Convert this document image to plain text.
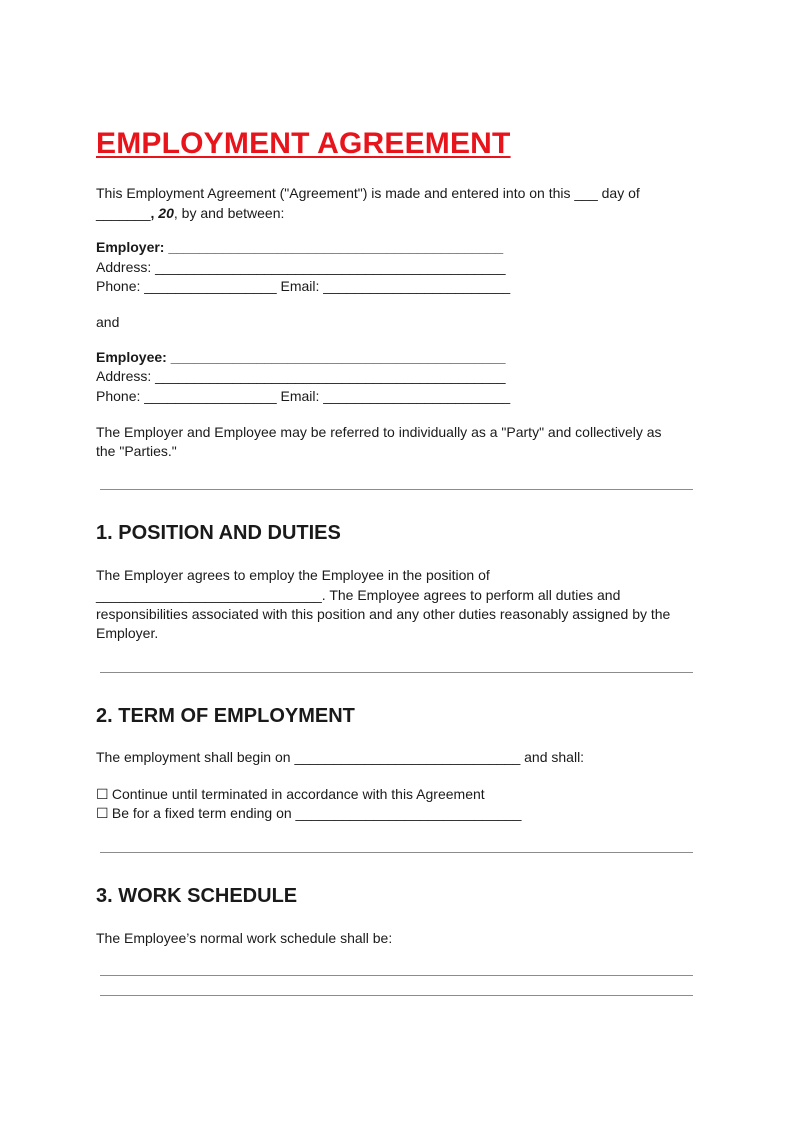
EMPLOYMENT AGREEMENT
This Employment Agreement ("Agreement") is made and entered into on this ___ day of
_______, 20, by and between:
Employer: ___________________________________________
Address: _____________________________________________
Phone: _________________ Email: ________________________
and
Employee: ___________________________________________
Address: _____________________________________________
Phone: _________________ Email: ________________________
The Employer and Employee may be referred to individually as a "Party" and collectively as
the "Parties."
1. POSITION AND DUTIES
The Employer agrees to employ the Employee in the position of
_____________________________. The Employee agrees to perform all duties and
responsibilities associated with this position and any other duties reasonably assigned by the
Employer.
2. TERM OF EMPLOYMENT
The employment shall begin on _____________________________ and shall:
☐ Continue until terminated in accordance with this Agreement
☐ Be for a fixed term ending on _____________________________
3. WORK SCHEDULE
The Employee’s normal work schedule shall be:
